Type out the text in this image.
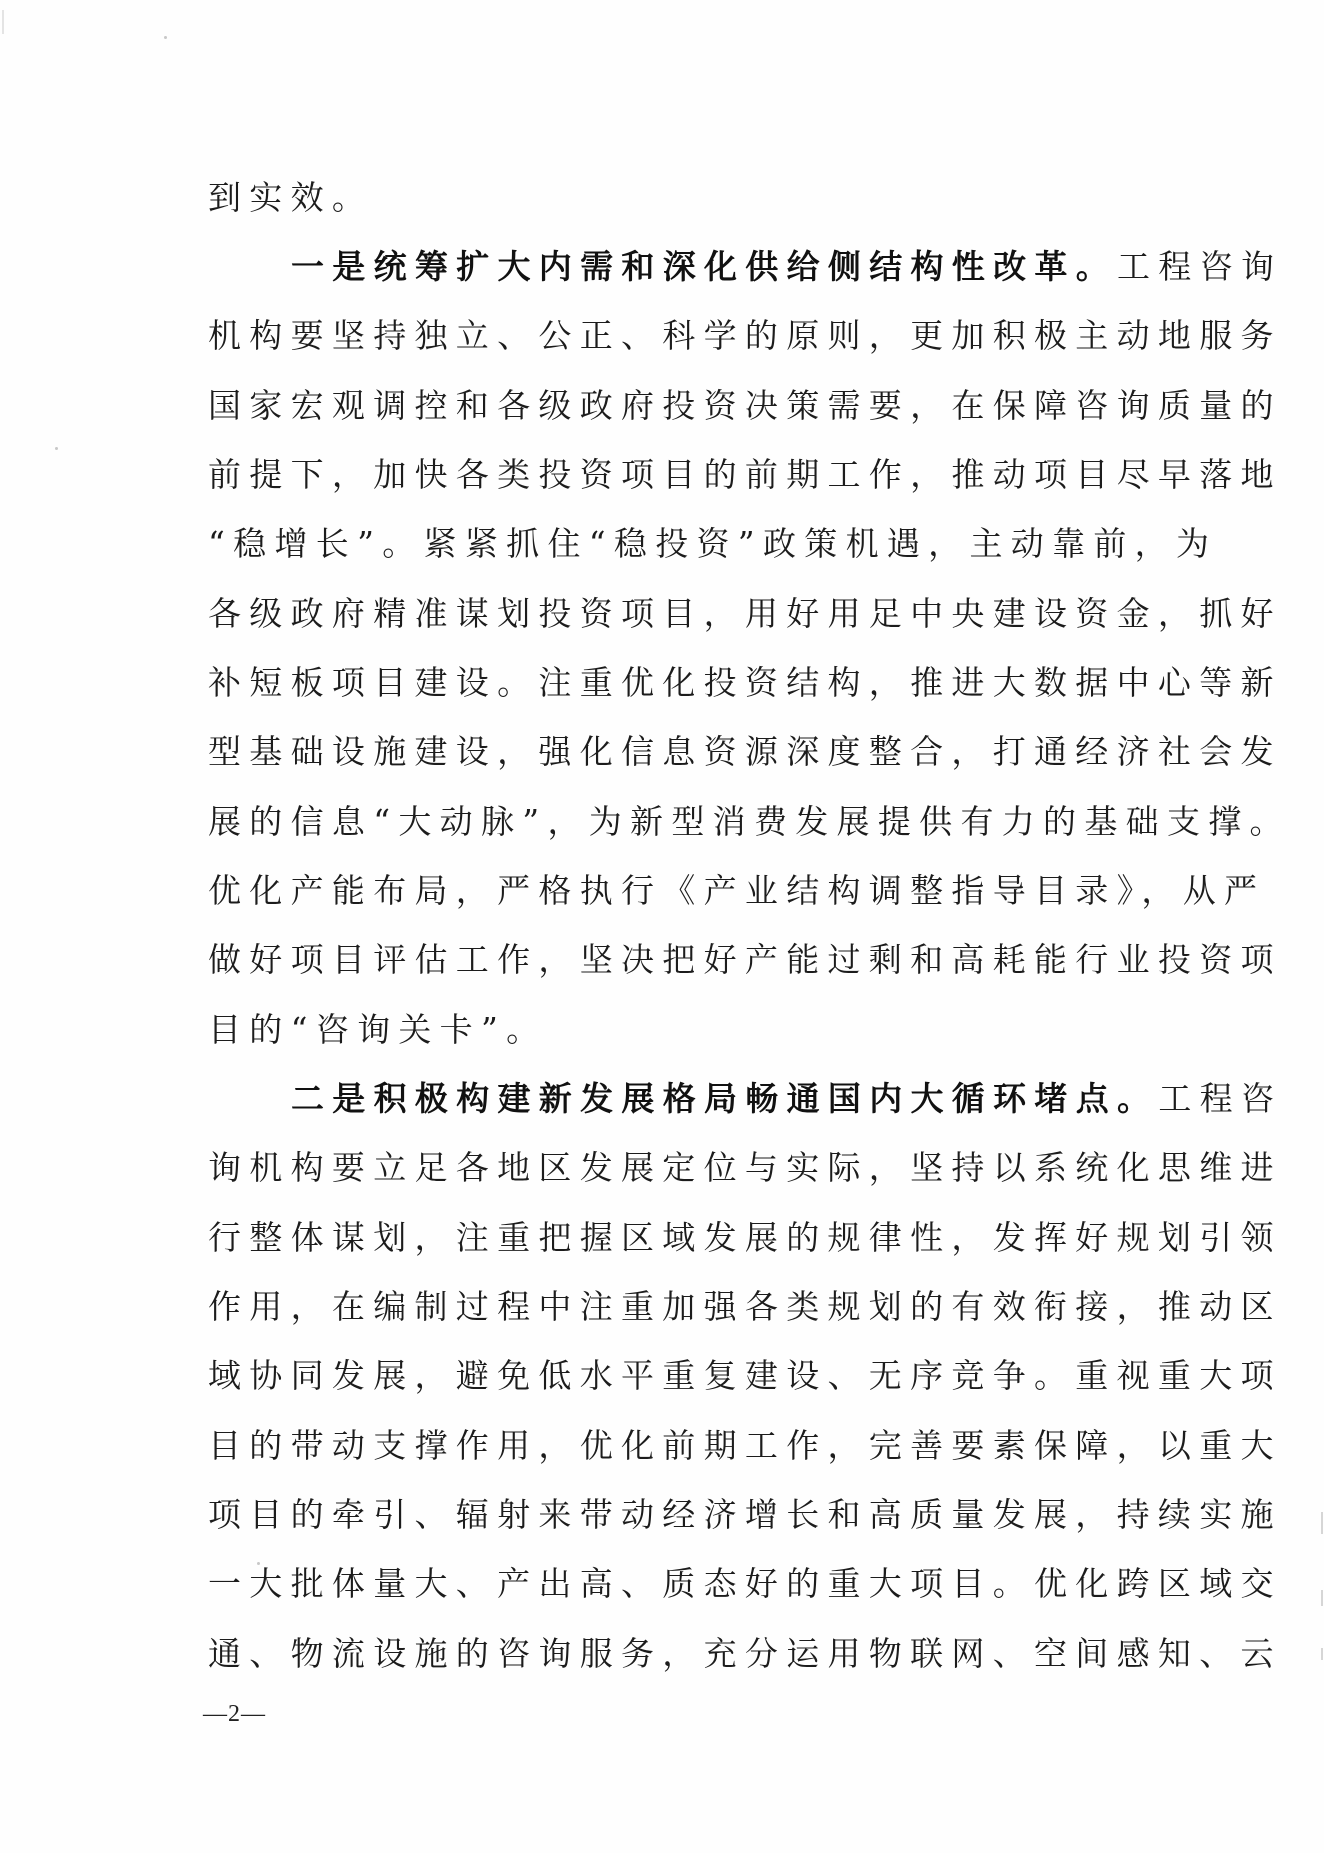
到实效。
一是统筹扩大内需和深化供给侧结构性改革。工程咨询
机构要坚持独立、公正、科学的原则，更加积极主动地服务
国家宏观调控和各级政府投资决策需要，在保障咨询质量的
前提下，加快各类投资项目的前期工作，推动项目尽早落地
“稳增长”。紧紧抓住“稳投资”政策机遇，主动靠前，为
各级政府精准谋划投资项目，用好用足中央建设资金，抓好
补短板项目建设。注重优化投资结构，推进大数据中心等新
型基础设施建设，强化信息资源深度整合，打通经济社会发
展的信息“大动脉”，为新型消费发展提供有力的基础支撑。
优化产能布局，严格执行《产业结构调整指导目录》，从严
做好项目评估工作，坚决把好产能过剩和高耗能行业投资项
目的“咨询关卡”。
二是积极构建新发展格局畅通国内大循环堵点。工程咨
询机构要立足各地区发展定位与实际，坚持以系统化思维进
行整体谋划，注重把握区域发展的规律性，发挥好规划引领
作用，在编制过程中注重加强各类规划的有效衔接，推动区
域协同发展，避免低水平重复建设、无序竞争。重视重大项
目的带动支撑作用，优化前期工作，完善要素保障，以重大
项目的牵引、辐射来带动经济增长和高质量发展，持续实施
一大批体量大、产出高、质态好的重大项目。优化跨区域交
通、物流设施的咨询服务，充分运用物联网、空间感知、云
—2—
